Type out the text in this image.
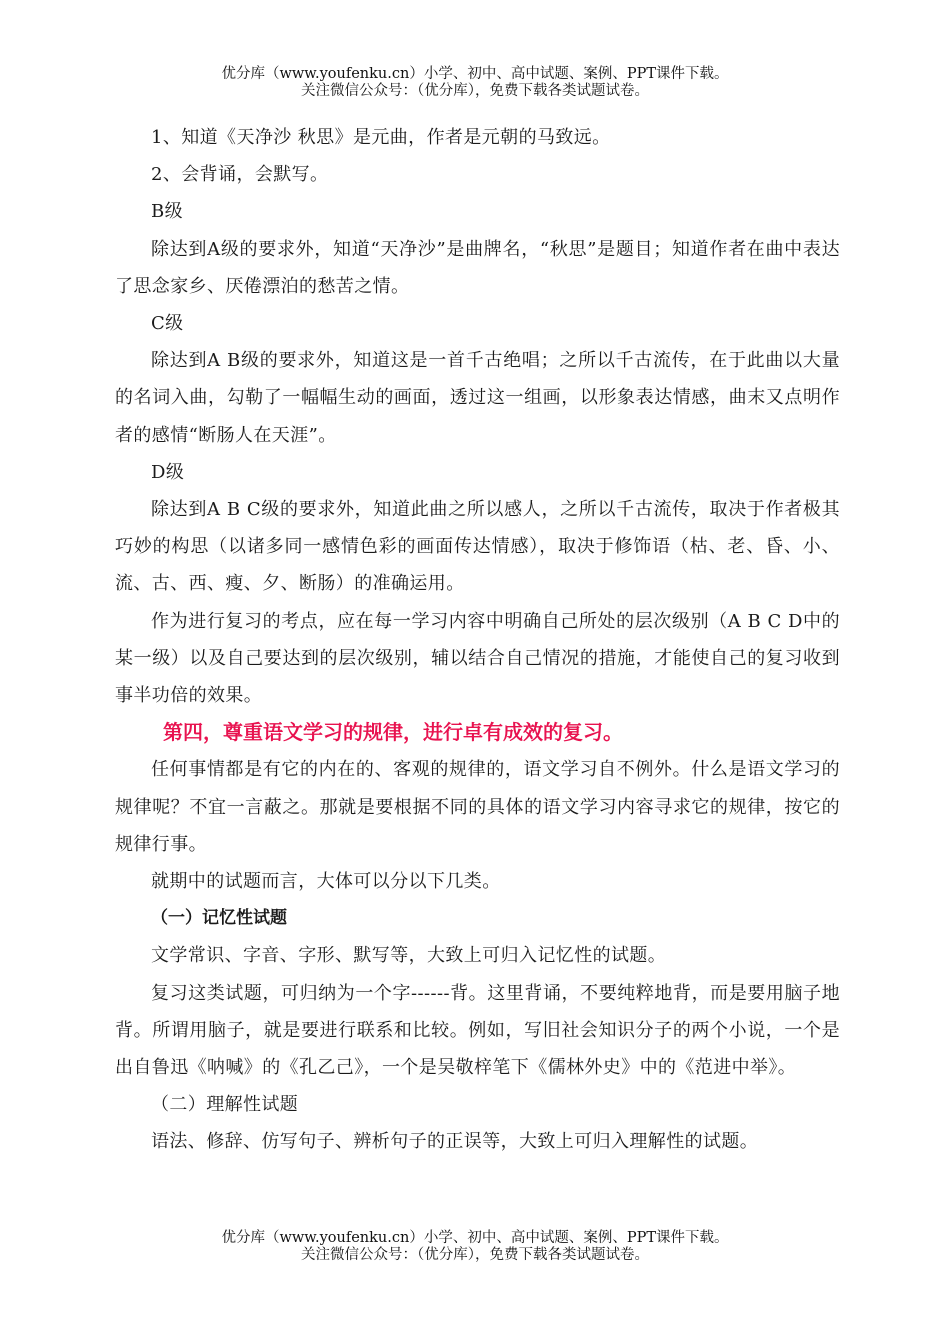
优分库（www.youfenku.cn）小学、初中、高中试题、案例、PPT课件下载。
关注微信公众号：（优分库），免费下载各类试题试卷。

1、知道《天净沙 秋思》是元曲，作者是元朝的马致远。

2、会背诵，会默写。

B级

除达到A级的要求外，知道“天净沙”是曲牌名，“秋思”是题目；知道作者在曲中表达了思念家乡、厌倦漂泊的愁苦之情。

C级

除达到A B级的要求外，知道这是一首千古绝唱；之所以千古流传，在于此曲以大量的名词入曲，勾勒了一幅幅生动的画面，透过这一组画，以形象表达情感，曲末又点明作者的感情“断肠人在天涯”。

D级

除达到A B C级的要求外，知道此曲之所以感人，之所以千古流传，取决于作者极其巧妙的构思（以诸多同一感情色彩的画面传达情感），取决于修饰语（枯、老、昏、小、流、古、西、瘦、夕、断肠）的准确运用。

作为进行复习的考点，应在每一学习内容中明确自己所处的层次级别（A B C D中的某一级）以及自己要达到的层次级别，辅以结合自己情况的措施，才能使自己的复习收到事半功倍的效果。

第四，尊重语文学习的规律，进行卓有成效的复习。

任何事情都是有它的内在的、客观的规律的，语文学习自不例外。什么是语文学习的规律呢？不宜一言蔽之。那就是要根据不同的具体的语文学习内容寻求它的规律，按它的规律行事。

就期中的试题而言，大体可以分以下几类。

（一）记忆性试题

文学常识、字音、字形、默写等，大致上可归入记忆性的试题。

复习这类试题，可归纳为一个字------背。这里背诵，不要纯粹地背，而是要用脑子地背。所谓用脑子，就是要进行联系和比较。例如，写旧社会知识分子的两个小说，一个是出自鲁迅《呐喊》的《孔乙己》，一个是吴敬梓笔下《儒林外史》中的《范进中举》。

（二）理解性试题

语法、修辞、仿写句子、辨析句子的正误等，大致上可归入理解性的试题。

优分库（www.youfenku.cn）小学、初中、高中试题、案例、PPT课件下载。
关注微信公众号：（优分库），免费下载各类试题试卷。
